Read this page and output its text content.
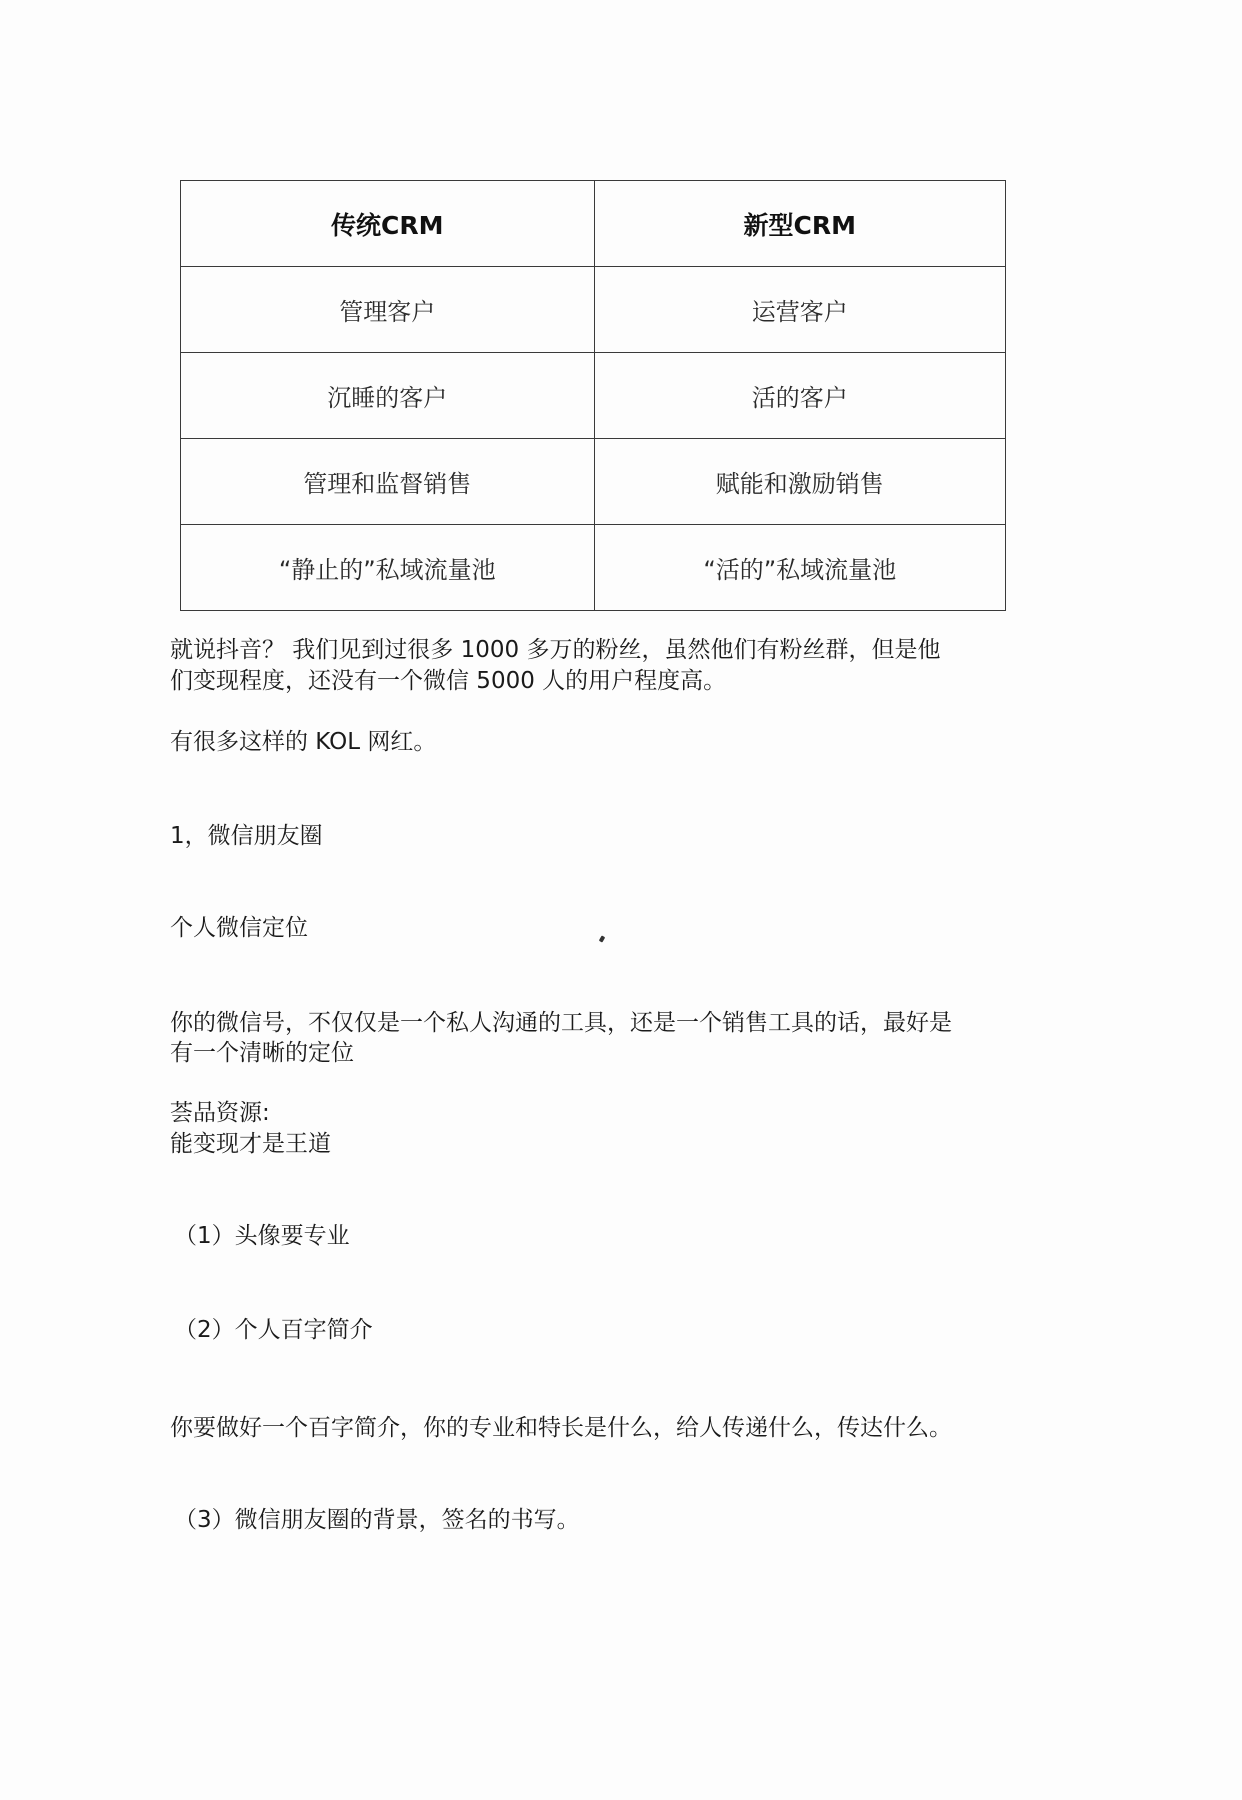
传统CRM	新型CRM
管理客户	运营客户
沉睡的客户	活的客户
管理和监督销售	赋能和激励销售
“静止的”私域流量池	“活的”私域流量池
就说抖音？ 我们见到过很多 1000 多万的粉丝，虽然他们有粉丝群，但是他
们变现程度，还没有一个微信 5000 人的用户程度高。
有很多这样的 KOL 网红。
1，微信朋友圈
个人微信定位
你的微信号，不仅仅是一个私人沟通的工具，还是一个销售工具的话，最好是
有一个清晰的定位
荟品资源:
能变现才是王道
（1）头像要专业
（2）个人百字简介
你要做好一个百字简介，你的专业和特长是什么，给人传递什么，传达什么。
（3）微信朋友圈的背景，签名的书写。
